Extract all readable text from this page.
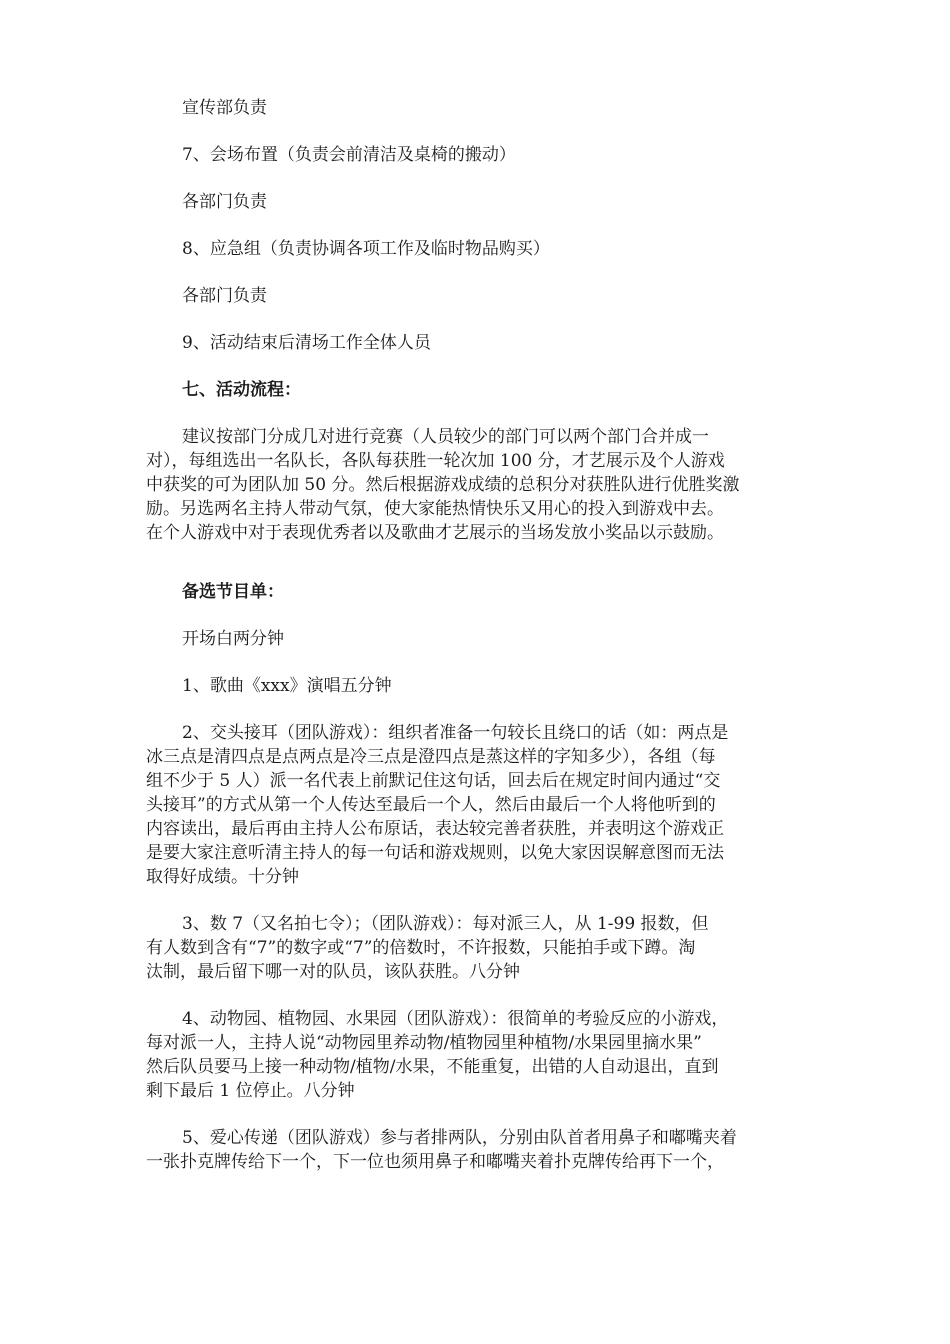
宣传部负责

7、会场布置（负责会前清洁及桌椅的搬动）

各部门负责

8、应急组（负责协调各项工作及临时物品购买）

各部门负责

9、活动结束后清场工作全体人员

七、活动流程：

建议按部门分成几对进行竞赛（人员较少的部门可以两个部门合并成一
对），每组选出一名队长，各队每获胜一轮次加 100 分，才艺展示及个人游戏
中获奖的可为团队加 50 分。然后根据游戏成绩的总积分对获胜队进行优胜奖激
励。另选两名主持人带动气氛，使大家能热情快乐又用心的投入到游戏中去。
在个人游戏中对于表现优秀者以及歌曲才艺展示的当场发放小奖品以示鼓励。

备选节目单：

开场白两分钟

1、歌曲《xxx》演唱五分钟

2、交头接耳（团队游戏）：组织者准备一句较长且绕口的话（如：两点是
冰三点是清四点是点两点是冷三点是澄四点是蒸这样的字知多少），各组（每
组不少于 5 人）派一名代表上前默记住这句话，回去后在规定时间内通过“交
头接耳”的方式从第一个人传达至最后一个人，然后由最后一个人将他听到的
内容读出，最后再由主持人公布原话，表达较完善者获胜，并表明这个游戏正
是要大家注意听清主持人的每一句话和游戏规则，以免大家因误解意图而无法
取得好成绩。十分钟
3、数 7（又名拍七令）；（团队游戏）：每对派三人，从 1-99 报数，但
有人数到含有“7”的数字或“7”的倍数时，不许报数，只能拍手或下蹲。淘
汰制，最后留下哪一对的队员，该队获胜。八分钟
4、动物园、植物园、水果园（团队游戏）：很简单的考验反应的小游戏，
每对派一人，主持人说“动物园里养动物/植物园里种植物/水果园里摘水果”
然后队员要马上接一种动物/植物/水果，不能重复，出错的人自动退出，直到
剩下最后 1 位停止。八分钟
5、爱心传递（团队游戏）参与者排两队，分别由队首者用鼻子和嘟嘴夹着
一张扑克牌传给下一个，下一位也须用鼻子和嘟嘴夹着扑克牌传给再下一个，
